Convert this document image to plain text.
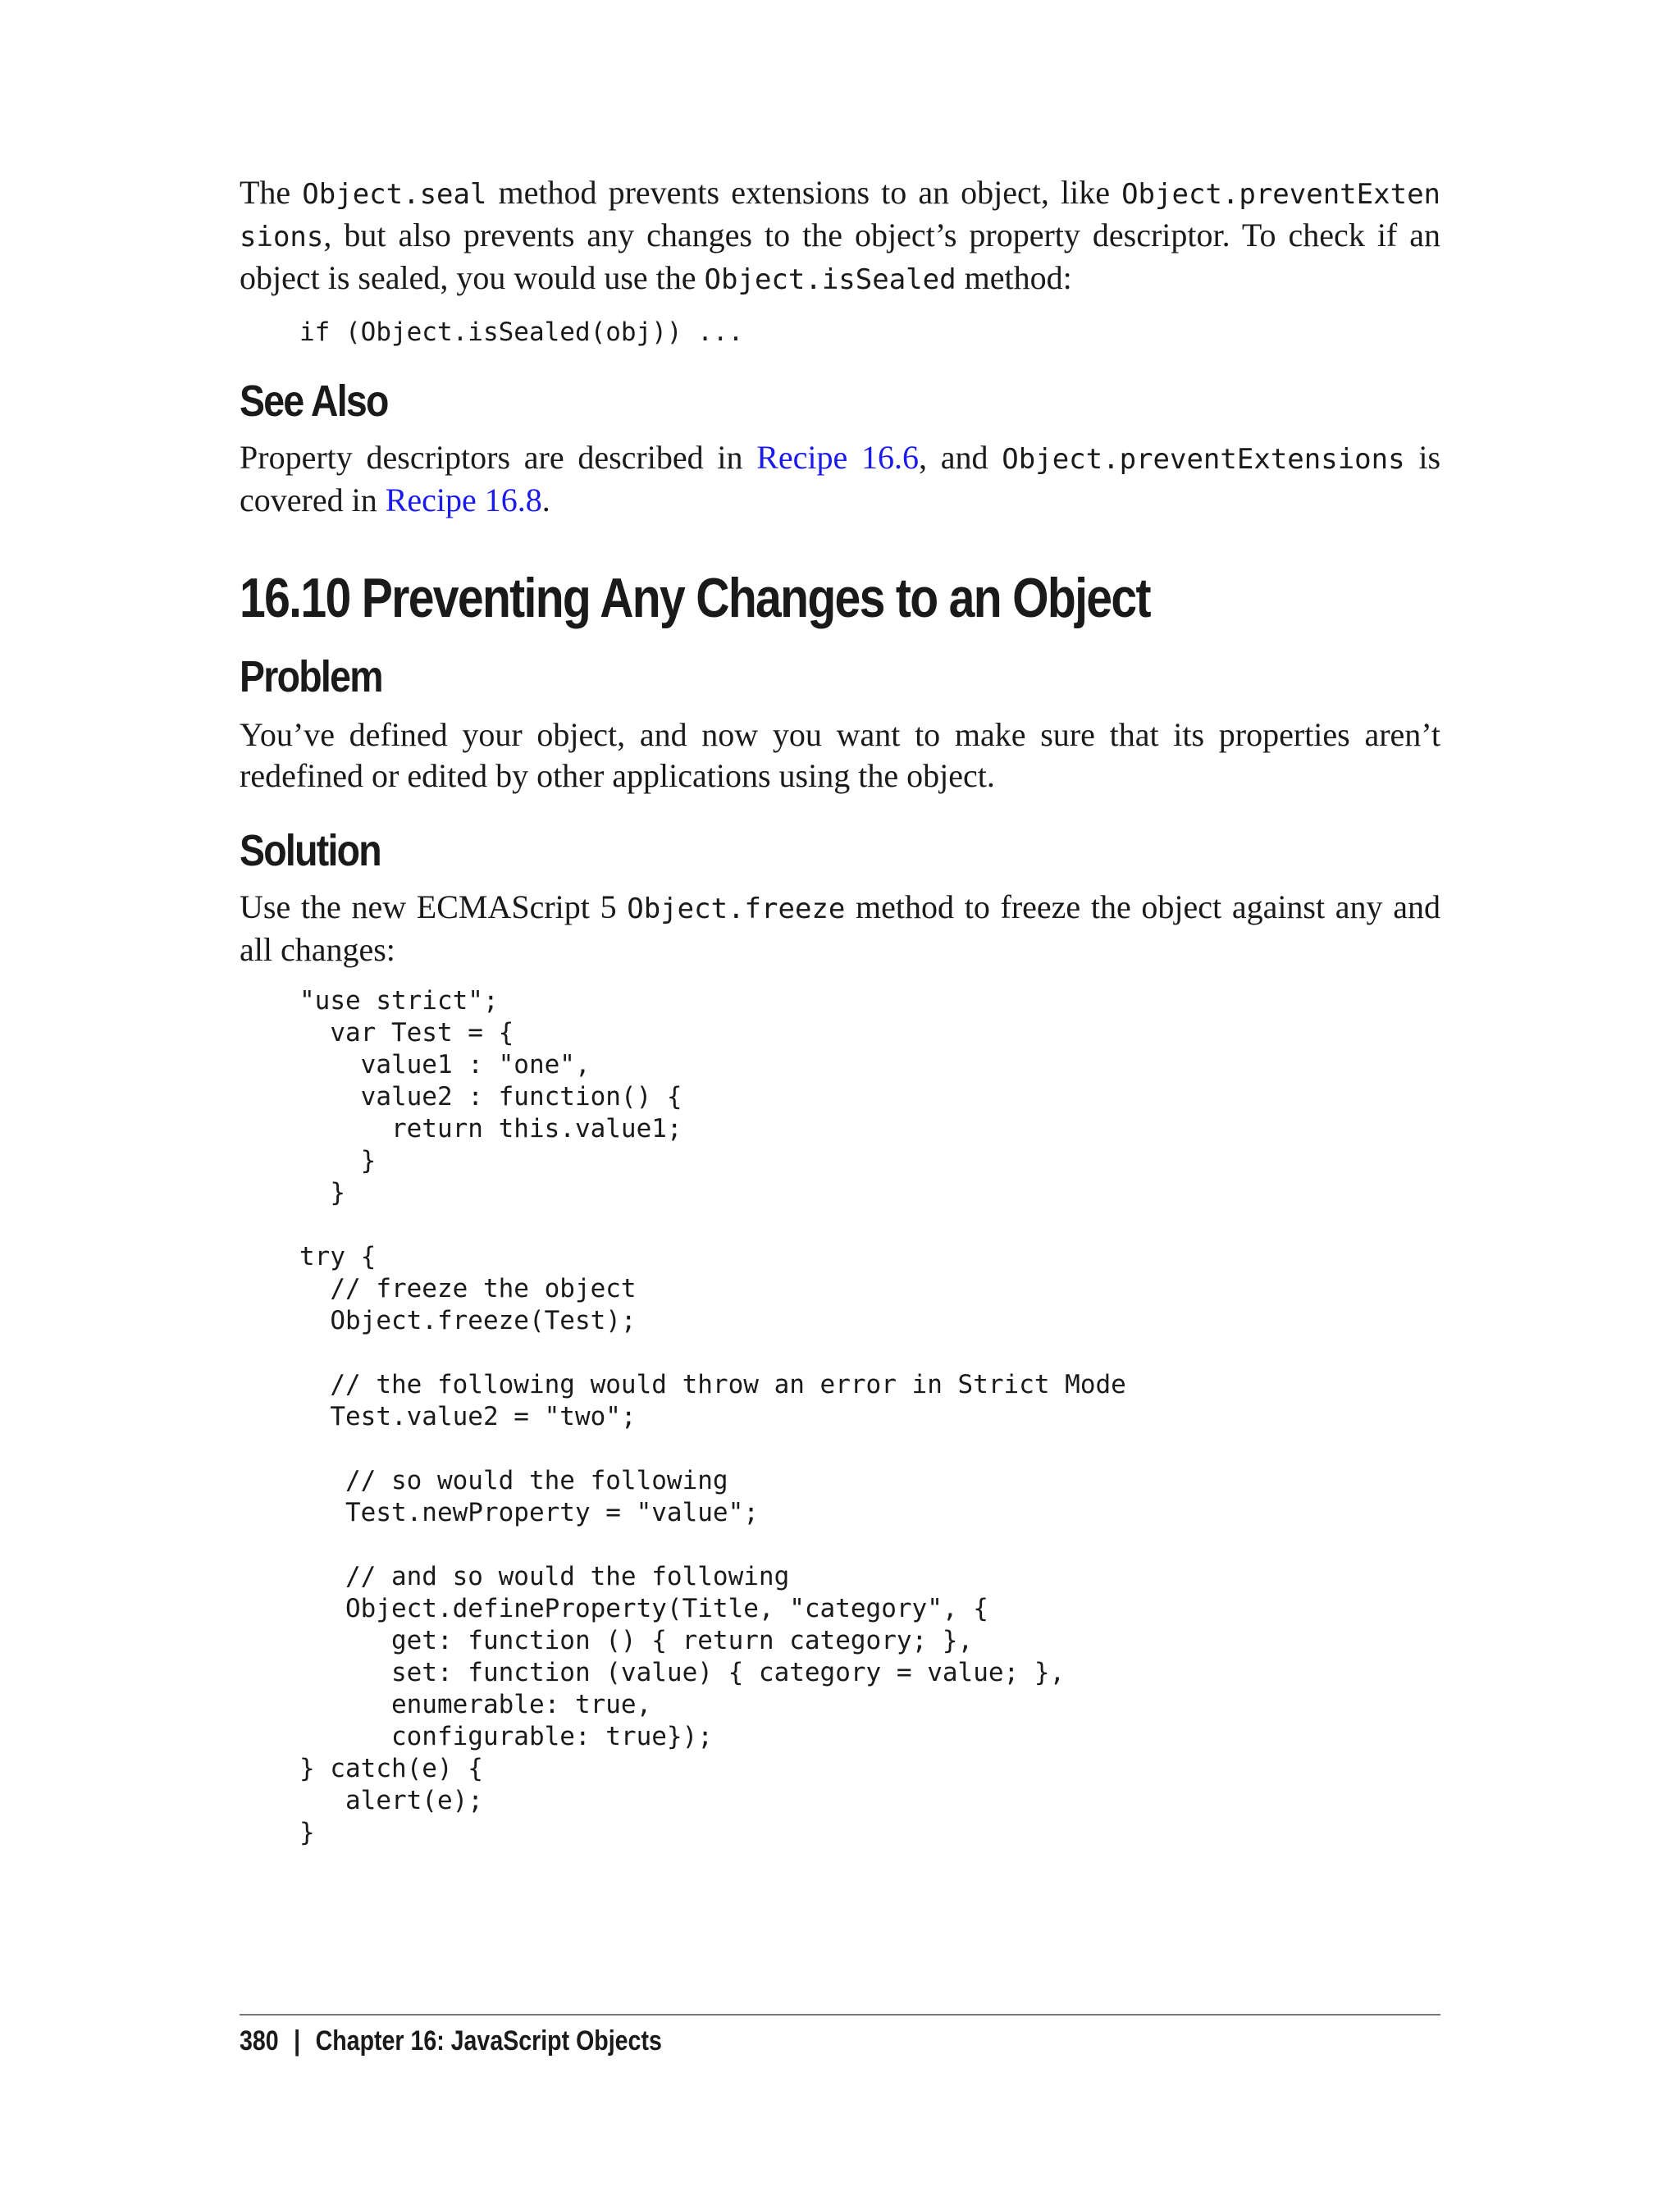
The Object.seal method prevents extensions to an object, like Object.preventExten sions, but also prevents any changes to the object’s property descriptor. To check if an object is sealed, you would use the Object.isSealed method:

if (Object.isSealed(obj)) ...
See Also

Property descriptors are described in Recipe 16.6, and Object.preventExtensions is covered in Recipe 16.8.

16.10 Preventing Any Changes to an Object
Problem

You’ve defined your object, and now you want to make sure that its properties aren’t redefined or edited by other applications using the object.

Solution

Use the new ECMAScript 5 Object.freeze method to freeze the object against any and all changes:

"use strict";
var Test = {
value1 : "one",
value2 : function() {
return this.value1;
}
}

try {
// freeze the object
Object.freeze(Test);

// the following would throw an error in Strict Mode
Test.value2 = "two";

// so would the following
Test.newProperty = "value";

// and so would the following
Object.defineProperty(Title, "category", {
get: function () { return category; },
set: function (value) { category = value; },
enumerable: true,
configurable: true});
} catch(e) {
alert(e);
}
380 | Chapter 16: JavaScript Objects
